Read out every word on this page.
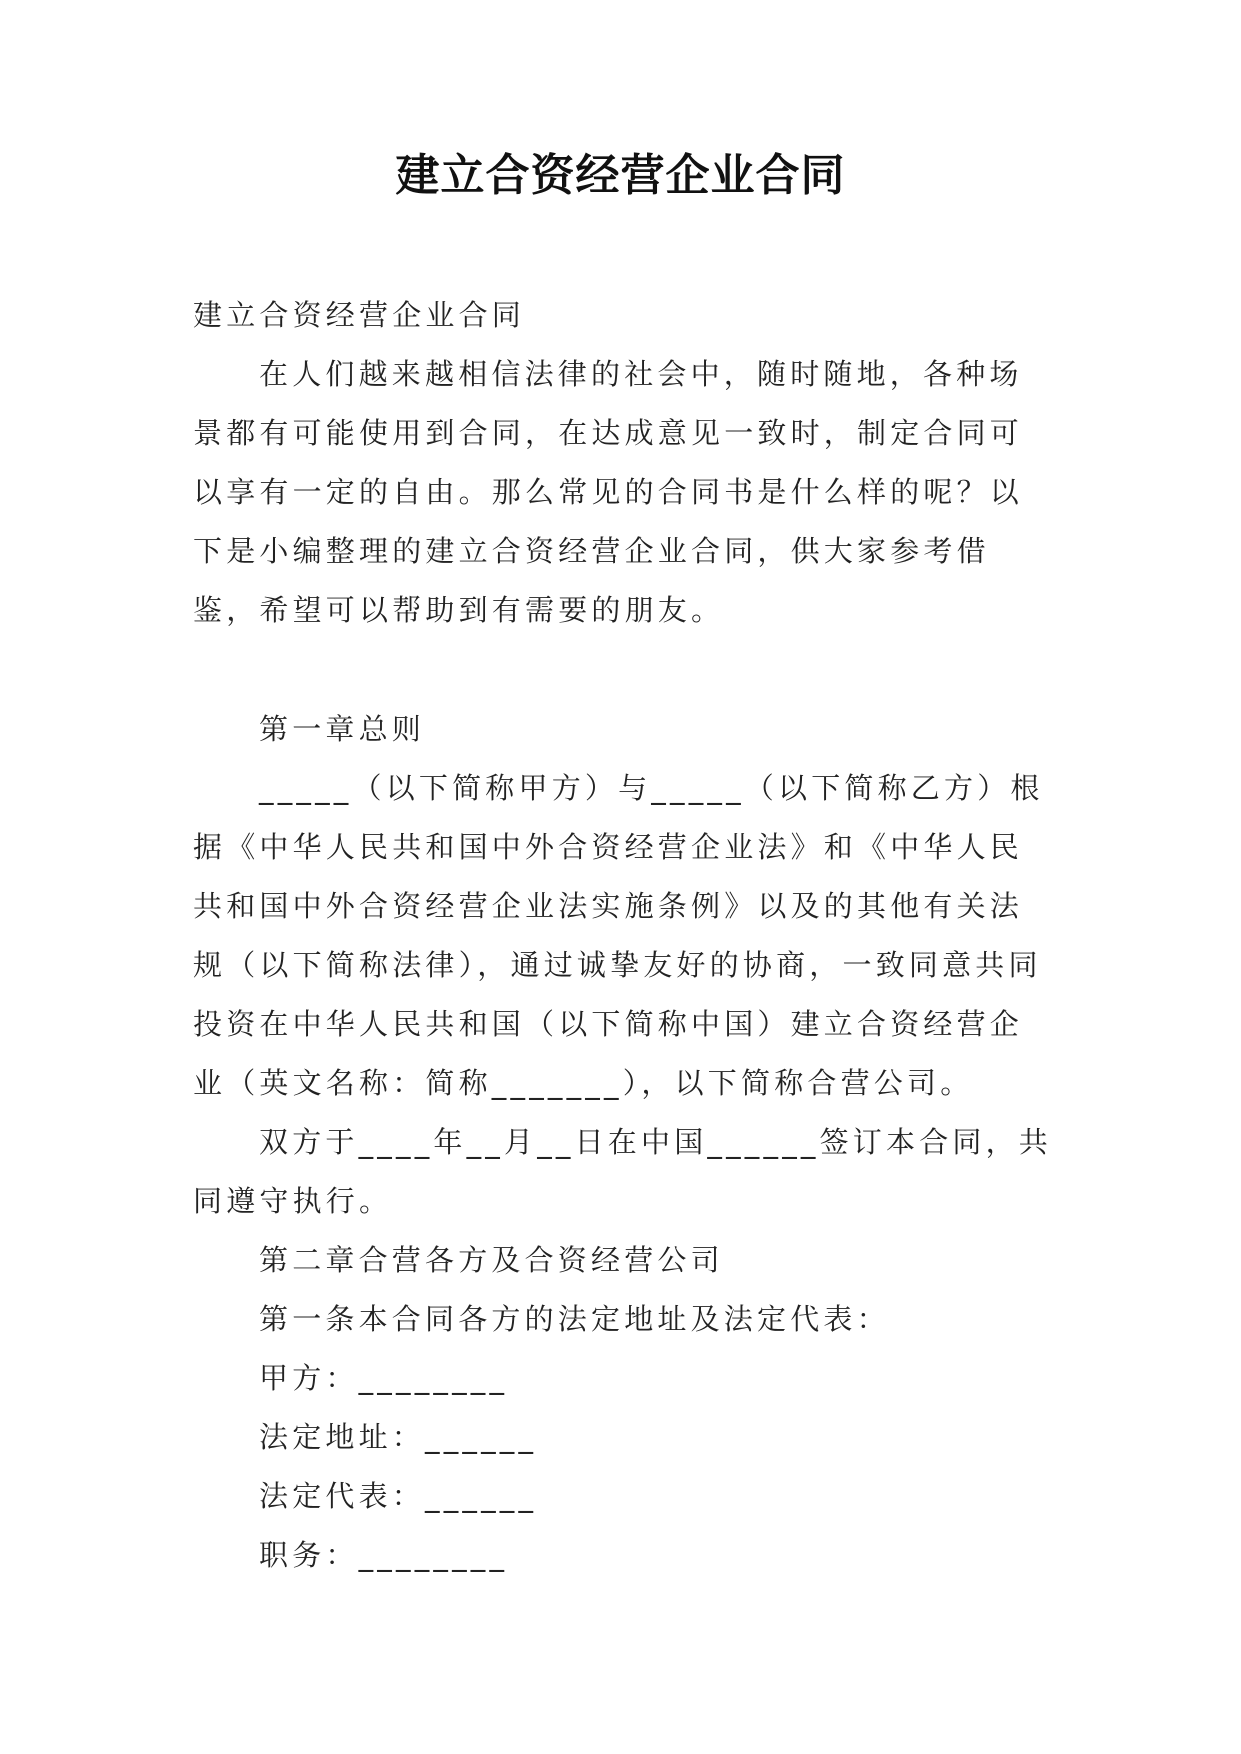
建立合资经营企业合同

建立合资经营企业合同

在人们越来越相信法律的社会中，随时随地，各种场景都有可能使用到合同，在达成意见一致时，制定合同可以享有一定的自由。那么常见的合同书是什么样的呢？以下是小编整理的建立合资经营企业合同，供大家参考借鉴，希望可以帮助到有需要的朋友。

第一章总则

_____（以下简称甲方）与_____（以下简称乙方）根据《中华人民共和国中外合资经营企业法》和《中华人民共和国中外合资经营企业法实施条例》以及的其他有关法规（以下简称法律），通过诚挚友好的协商，一致同意共同投资在中华人民共和国（以下简称中国）建立合资经营企业（英文名称：简称_______），以下简称合营公司。

双方于____年__月__日在中国______签订本合同，共同遵守执行。

第二章合营各方及合资经营公司

第一条本合同各方的法定地址及法定代表：

甲方：________

法定地址：______

法定代表：______

职务：________
